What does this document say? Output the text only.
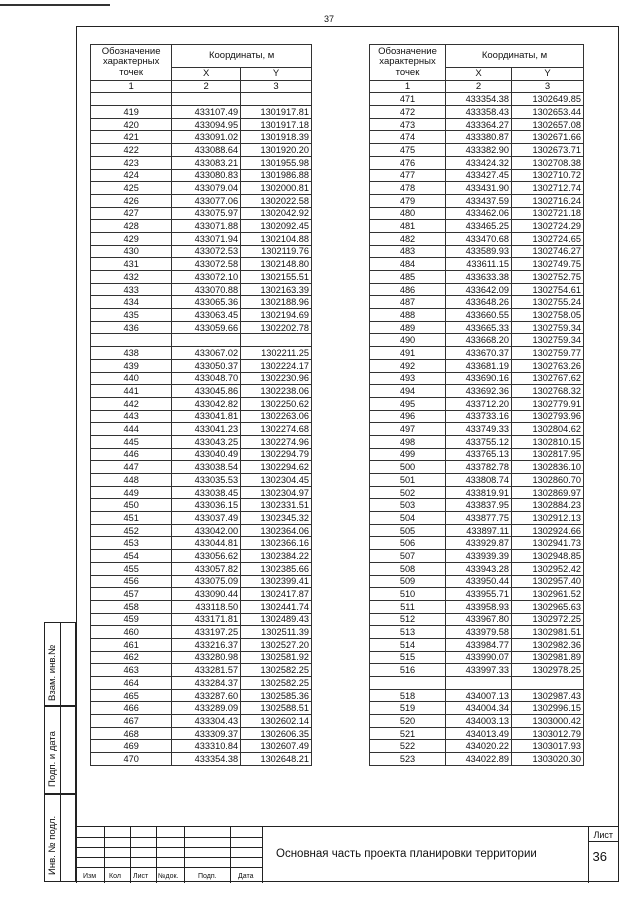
37
Обозначение характерных точек	Координаты, м	
	X	Y
1	2	3

419	433107.49	1301917.81
420	433094.95	1301917.18
421	433091.02	1301918.39
422	433088.64	1301920.20
423	433083.21	1301955.98
424	433080.83	1301986.88
425	433079.04	1302000.81
426	433077.06	1302022.58
427	433075.97	1302042.92
428	433071.88	1302092.45
429	433071.94	1302104.88
430	433072.53	1302119.76
431	433072.58	1302148.80
432	433072.10	1302155.51
433	433070.88	1302163.39
434	433065.36	1302188.96
435	433063.45	1302194.69
436	433059.66	1302202.78

438	433067.02	1302211.25
439	433050.37	1302224.17
440	433048.70	1302230.96
441	433045.86	1302238.06
442	433042.82	1302250.62
443	433041.81	1302263.06
444	433041.23	1302274.68
445	433043.25	1302274.96
446	433040.49	1302294.79
447	433038.54	1302294.62
448	433035.53	1302304.45
449	433038.45	1302304.97
450	433036.15	1302331.51
451	433037.49	1302345.32
452	433042.00	1302364.06
453	433044.81	1302366.16
454	433056.62	1302384.22
455	433057.82	1302385.66
456	433075.09	1302399.41
457	433090.44	1302417.87
458	433118.50	1302441.74
459	433171.81	1302489.43
460	433197.25	1302511.39
461	433216.37	1302527.20
462	433280.98	1302581.92
463	433281.57	1302582.25
464	433284.37	1302582.25
465	433287.60	1302585.36
466	433289.09	1302588.51
467	433304.43	1302602.14
468	433309.37	1302606.35
469	433310.84	1302607.49
470	433354.38	1302648.21
Обозначение характерных точек	Координаты, м	
	X	Y
1	2	3
471	433354.38	1302649.85
472	433358.43	1302653.44
473	433364.27	1302657.08
474	433380.87	1302671.66
475	433382.90	1302673.71
476	433424.32	1302708.38
477	433427.45	1302710.72
478	433431.90	1302712.74
479	433437.59	1302716.24
480	433462.06	1302721.18
481	433465.25	1302724.29
482	433470.68	1302724.65
483	433589.93	1302746.27
484	433611.15	1302749.75
485	433633.38	1302752.75
486	433642.09	1302754.61
487	433648.26	1302755.24
488	433660.55	1302758.05
489	433665.33	1302759.34
490	433668.20	1302759.34
491	433670.37	1302759.77
492	433681.19	1302763.26
493	433690.16	1302767.62
494	433692.36	1302768.32
495	433712.20	1302779.91
496	433733.16	1302793.96
497	433749.33	1302804.62
498	433755.12	1302810.15
499	433765.13	1302817.95
500	433782.78	1302836.10
501	433808.74	1302860.70
502	433819.91	1302869.97
503	433837.95	1302884.23
504	433877.75	1302912.13
505	433897.11	1302924.66
506	433929.87	1302941.73
507	433939.39	1302948.85
508	433943.28	1302952.42
509	433950.44	1302957.40
510	433955.71	1302961.52
511	433958.93	1302965.63
512	433967.80	1302972.25
513	433979.58	1302981.51
514	433984.77	1302982.36
515	433990.07	1302981.89
516	433997.33	1302978.25

518	434007.13	1302987.43
519	434004.34	1302996.15
520	434003.13	1303000.42
521	434013.49	1303012.79
522	434020.22	1303017.93
523	434022.89	1303020.30
Взам. инв.№
Подп. и дата
Инв. № подл.
Изм Кол Лист №док.	Подп.	Дата
Основная часть проекта планировки территории
Лист
36
